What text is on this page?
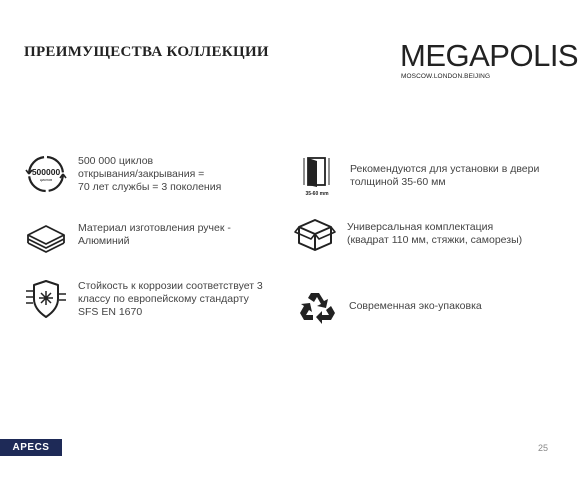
ПРЕИМУЩЕСТВА КОЛЛЕКЦИИ	MEGAPOLIS
MOSCOW.LONDON.BEIJING
500000
циклов
500 000 циклов
открывания/закрывания =
70 лет службы = 3 поколения
35-60 mm
Рекомендуются для установки в двери
толщиной 35-60 мм
Материал изготовления ручек -
Алюминий
Универсальная комплектация
(квадрат 110 мм, стяжки, саморезы)
Стойкость к коррозии соответствует 3
классу по европейскому стандарту
SFS EN 1670	Современная эко-упаковка
APECS	25
